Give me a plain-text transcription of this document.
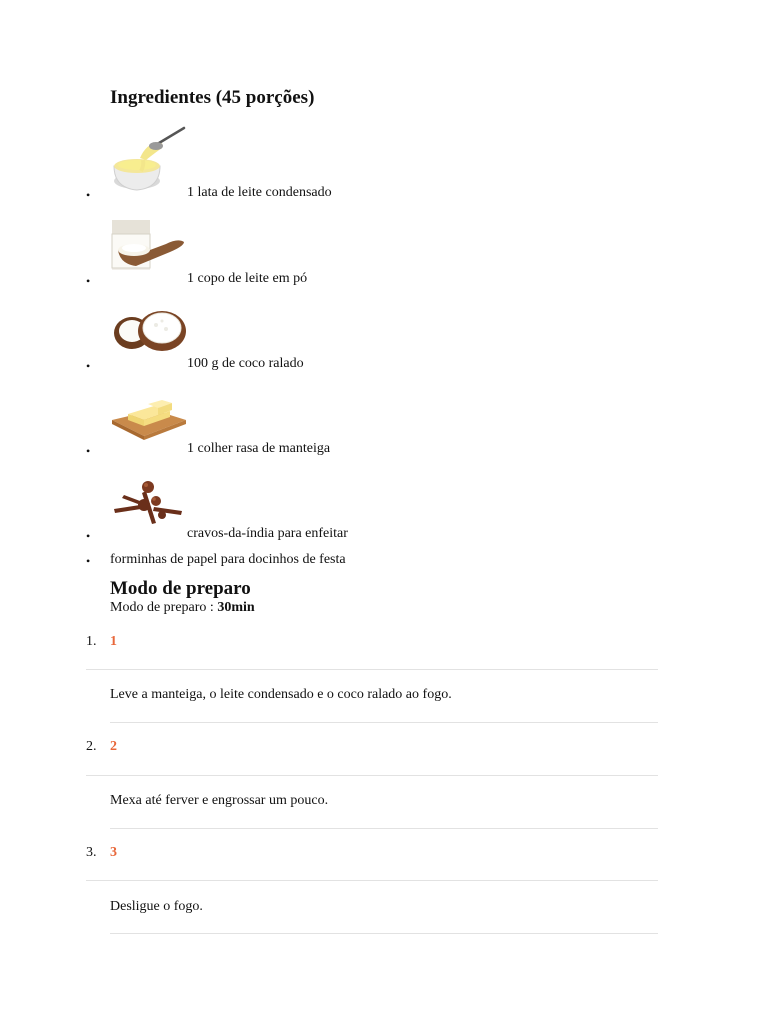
Ingredientes (45 porções)
•	1 lata de leite condensado
•	1 copo de leite em pó
•	100 g de coco ralado
•	1 colher rasa de manteiga
•	cravos-da-índia para enfeitar
• forminhas de papel para docinhos de festa
Modo de preparo
Modo de preparo : 30min
1. 1
Leve a manteiga, o leite condensado e o coco ralado ao fogo.
2. 2
Mexa até ferver e engrossar um pouco.
3. 3
Desligue o fogo.
